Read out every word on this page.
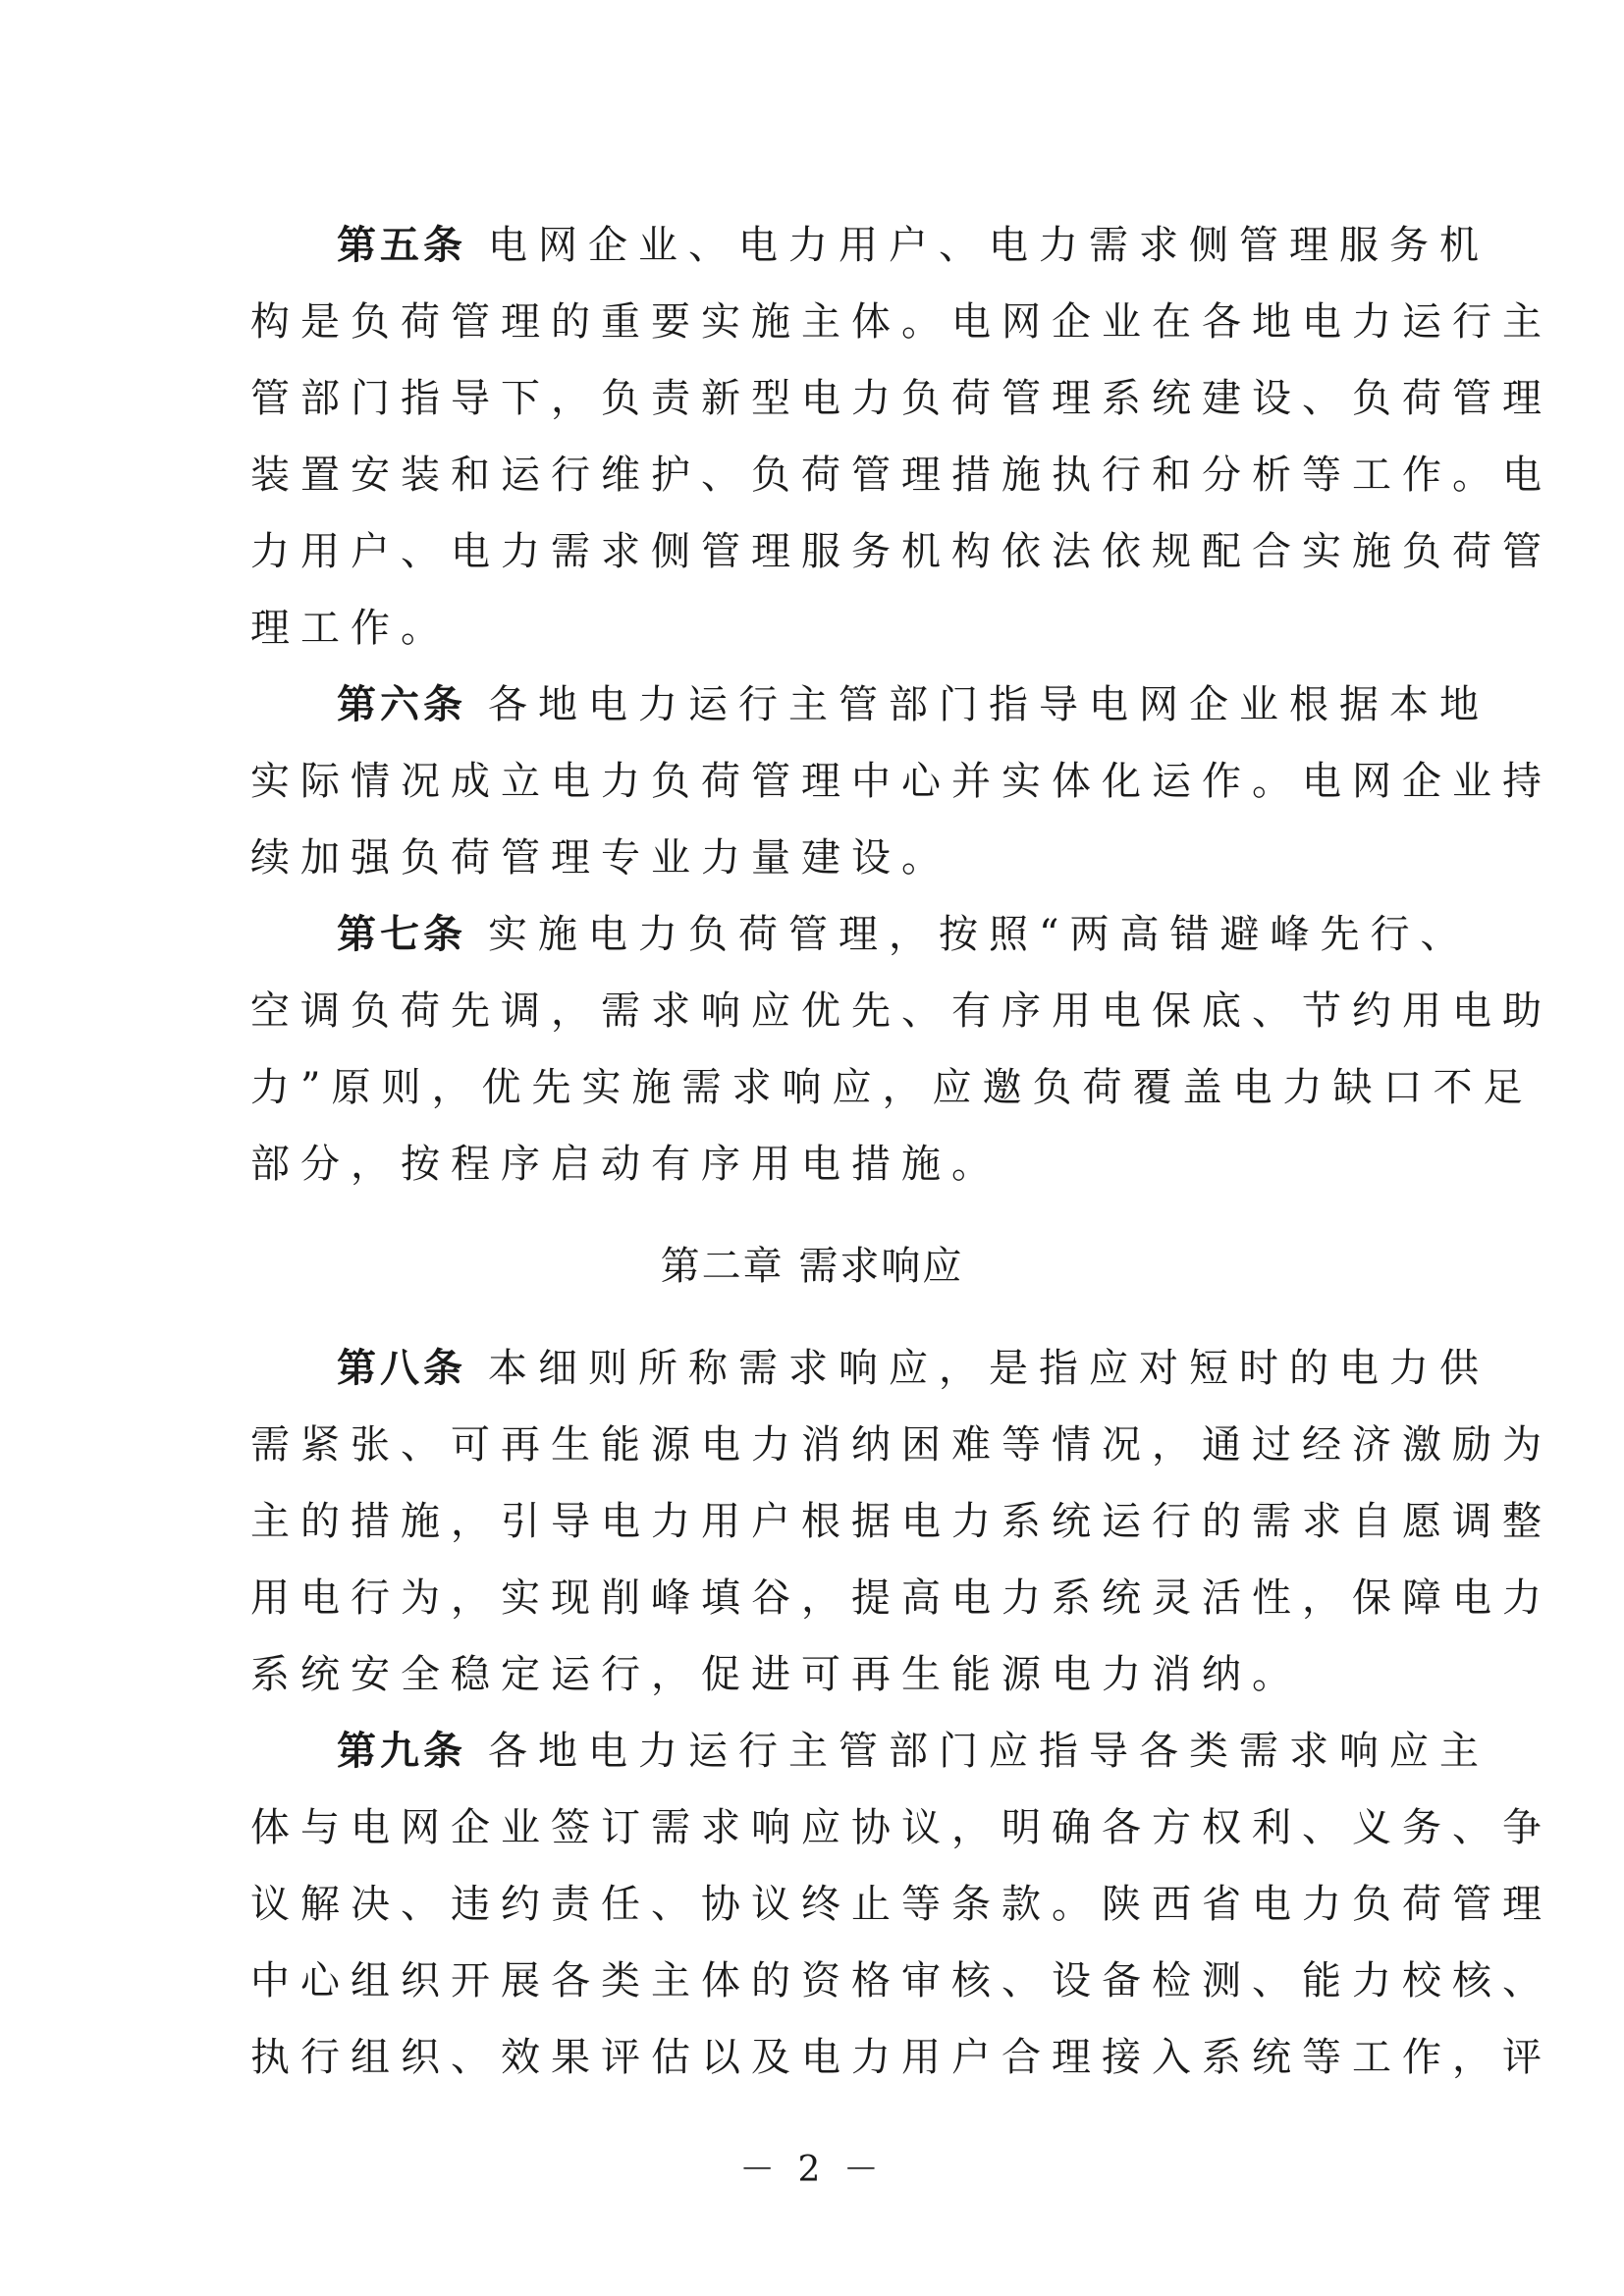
第五条 电网企业、电力用户、电力需求侧管理服务机
构是负荷管理的重要实施主体。电网企业在各地电力运行主
管部门指导下，负责新型电力负荷管理系统建设、负荷管理
装置安装和运行维护、负荷管理措施执行和分析等工作。电
力用户、电力需求侧管理服务机构依法依规配合实施负荷管
理工作。
第六条 各地电力运行主管部门指导电网企业根据本地
实际情况成立电力负荷管理中心并实体化运作。电网企业持
续加强负荷管理专业力量建设。
第七条 实施电力负荷管理，按照“两高错避峰先行、
空调负荷先调，需求响应优先、有序用电保底、节约用电助
力”原则，优先实施需求响应，应邀负荷覆盖电力缺口不足
部分，按程序启动有序用电措施。
第二章 需求响应
第八条 本细则所称需求响应，是指应对短时的电力供
需紧张、可再生能源电力消纳困难等情况，通过经济激励为
主的措施，引导电力用户根据电力系统运行的需求自愿调整
用电行为，实现削峰填谷，提高电力系统灵活性，保障电力
系统安全稳定运行，促进可再生能源电力消纳。
第九条 各地电力运行主管部门应指导各类需求响应主
体与电网企业签订需求响应协议，明确各方权利、义务、争
议解决、违约责任、协议终止等条款。陕西省电力负荷管理
中心组织开展各类主体的资格审核、设备检测、能力校核、
执行组织、效果评估以及电力用户合理接入系统等工作，评
－ 2 －
